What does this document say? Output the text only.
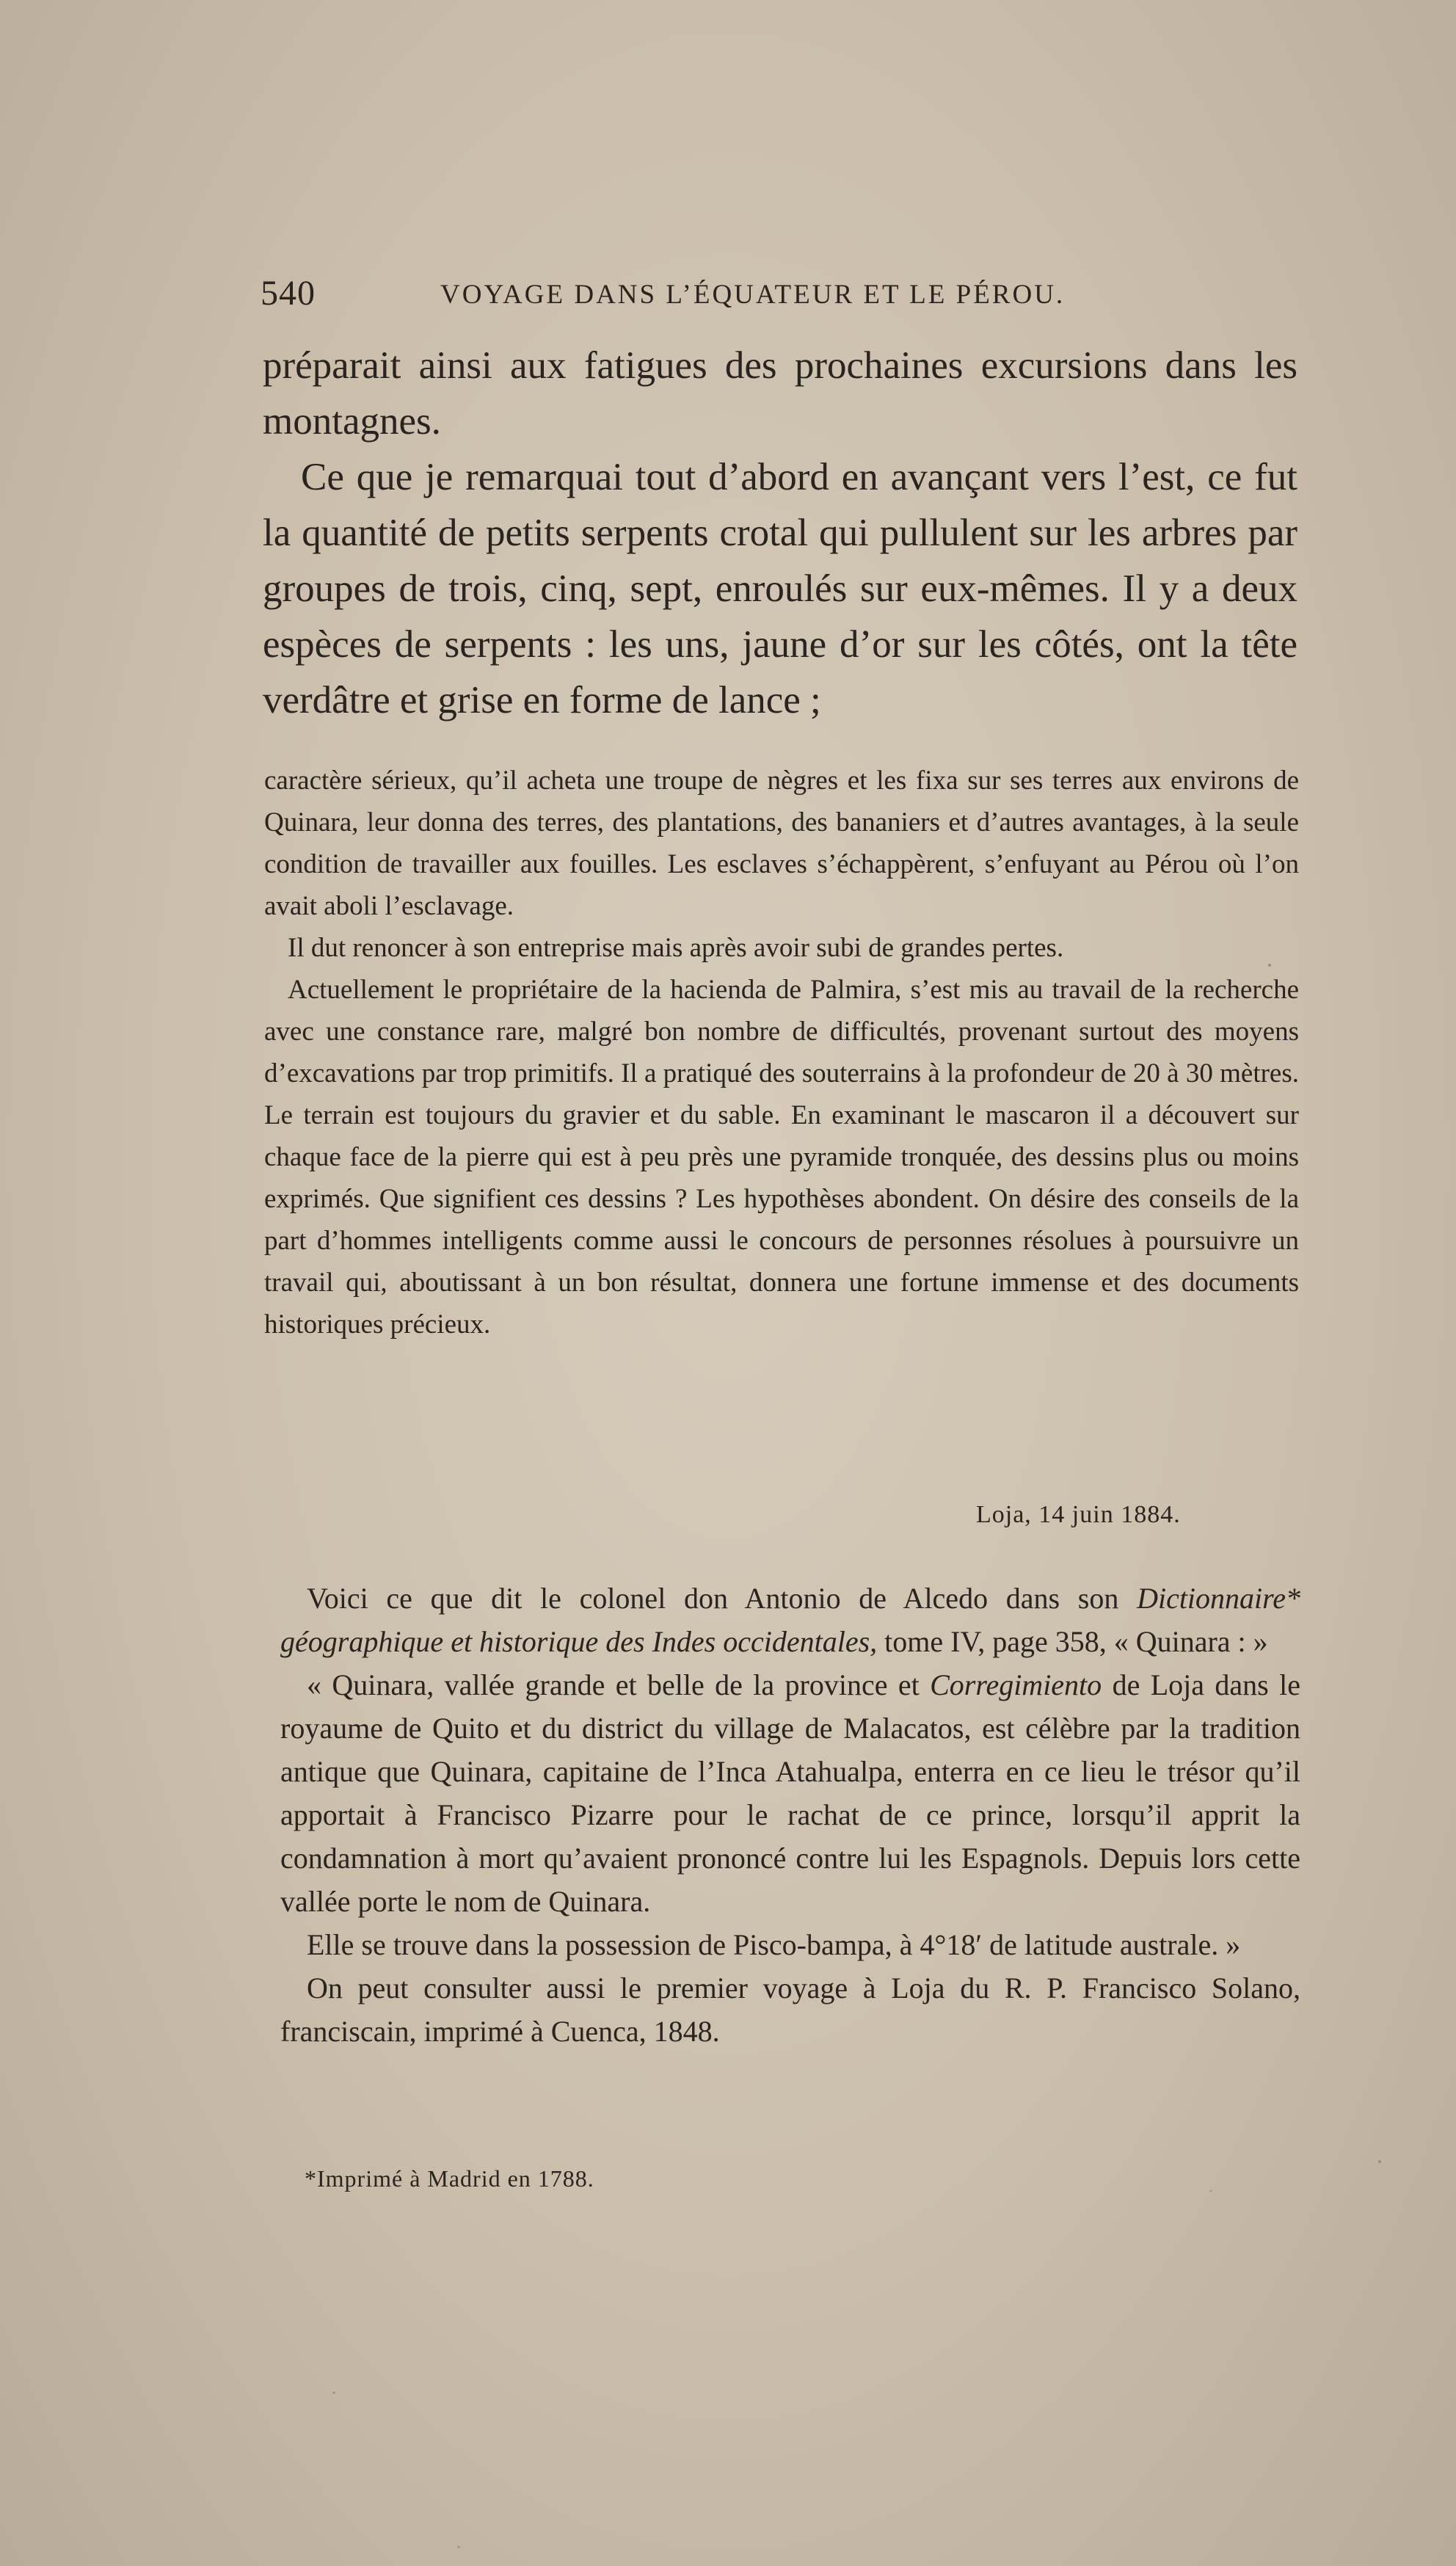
540	VOYAGE DANS L’ÉQUATEUR ET LE PÉROU.

préparait ainsi aux fatigues des prochaines excursions dans les montagnes.

Ce que je remarquai tout d’abord en avançant vers l’est, ce fut la quantité de petits serpents crotal qui pullulent sur les arbres par groupes de trois, cinq, sept, enroulés sur eux-mêmes. Il y a deux espèces de serpents : les uns, jaune d’or sur les côtés, ont la tête verdâtre et grise en forme de lance ;

caractère sérieux, qu’il acheta une troupe de nègres et les fixa sur ses terres aux environs de Quinara, leur donna des terres, des plantations, des bananiers et d’autres avantages, à la seule condition de travailler aux fouilles. Les esclaves s’échappèrent, s’enfuyant au Pérou où l’on avait aboli l’esclavage.

Il dut renoncer à son entreprise mais après avoir subi de grandes pertes.

Actuellement le propriétaire de la hacienda de Palmira, s’est mis au travail de la recherche avec une constance rare, malgré bon nombre de difficultés, provenant surtout des moyens d’excavations par trop primitifs. Il a pratiqué des souterrains à la profondeur de 20 à 30 mètres. Le terrain est toujours du gravier et du sable. En examinant le mascaron il a découvert sur chaque face de la pierre qui est à peu près une pyramide tronquée, des dessins plus ou moins exprimés. Que signifient ces dessins ? Les hypothèses abondent. On désire des conseils de la part d’hommes intelligents comme aussi le concours de personnes résolues à poursuivre un travail qui, aboutissant à un bon résultat, donnera une fortune immense et des documents historiques précieux.

Loja, 14 juin 1884.

Voici ce que dit le colonel don Antonio de Alcedo dans son Dictionnaire* géographique et historique des Indes occidentales, tome IV, page 358, « Quinara : »

« Quinara, vallée grande et belle de la province et Corregimiento de Loja dans le royaume de Quito et du district du village de Malacatos, est célèbre par la tradition antique que Quinara, capitaine de l’Inca Atahualpa, enterra en ce lieu le trésor qu’il apportait à Francisco Pizarre pour le rachat de ce prince, lorsqu’il apprit la condamnation à mort qu’avaient prononcé contre lui les Espagnols. Depuis lors cette vallée porte le nom de Quinara.

Elle se trouve dans la possession de Pisco-bampa, à 4°18′ de latitude australe. »

On peut consulter aussi le premier voyage à Loja du R. P. Francisco Solano, franciscain, imprimé à Cuenca, 1848.

*Imprimé à Madrid en 1788.
